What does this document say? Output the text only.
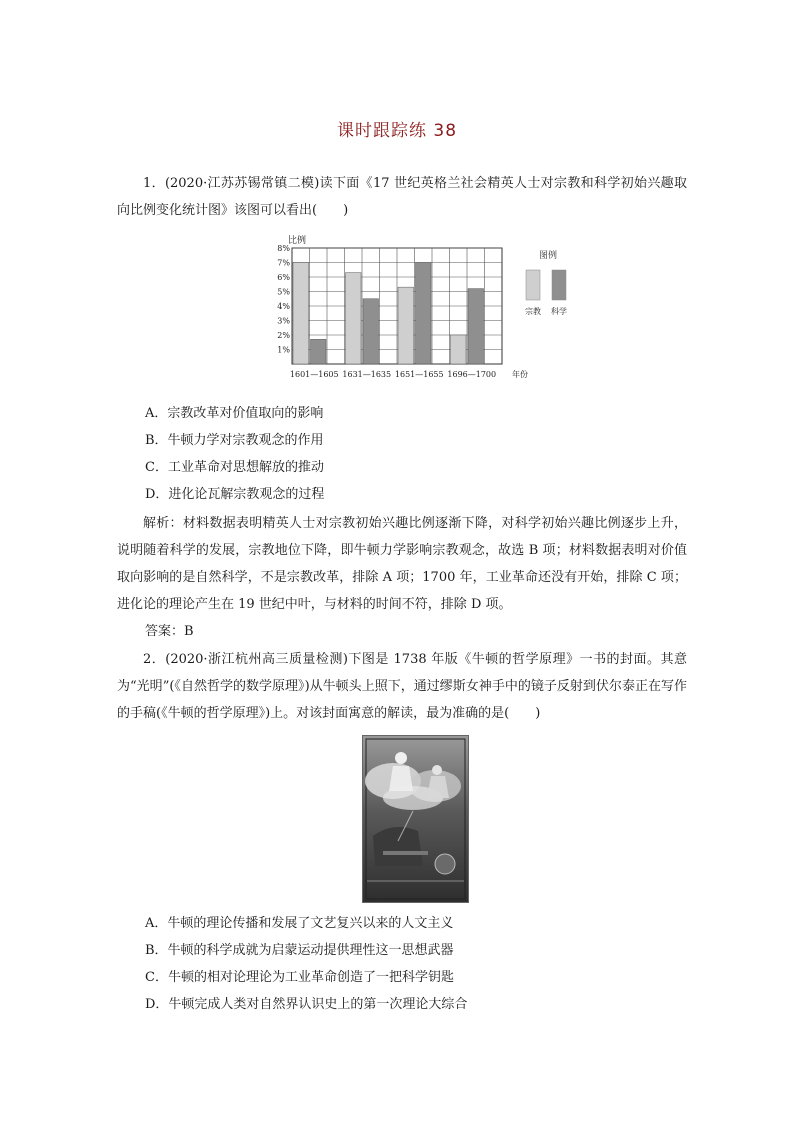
课时跟踪练 38

1．(2020·江苏苏锡常镇二模)读下面《17 世纪英格兰社会精英人士对宗教和科学初始兴趣取向比例变化统计图》该图可以看出(　　)

比例
1%
2%
3%
4%
5%
6%
7%
8%
1601—1605 1631—1635 1651—1655 1696—1700 年份
图例
宗教 科学
A．宗教改革对价值取向的影响
B．牛顿力学对宗教观念的作用
C．工业革命对思想解放的推动
D．进化论瓦解宗教观念的过程

解析：材料数据表明精英人士对宗教初始兴趣比例逐渐下降，对科学初始兴趣比例逐步上升，说明随着科学的发展，宗教地位下降，即牛顿力学影响宗教观念，故选 B 项；材料数据表明对价值取向影响的是自然科学，不是宗教改革，排除 A 项；1700 年，工业革命还没有开始，排除 C 项；进化论的理论产生在 19 世纪中叶，与材料的时间不符，排除 D 项。

答案：B

2．(2020·浙江杭州高三质量检测)下图是 1738 年版《牛顿的哲学原理》一书的封面。其意为“光明”(《自然哲学的数学原理》)从牛顿头上照下，通过缪斯女神手中的镜子反射到伏尔泰正在写作的手稿(《牛顿的哲学原理》)上。对该封面寓意的解读，最为准确的是(　　)

A．牛顿的理论传播和发展了文艺复兴以来的人文主义
B．牛顿的科学成就为启蒙运动提供理性这一思想武器
C．牛顿的相对论理论为工业革命创造了一把科学钥匙
D．牛顿完成人类对自然界认识史上的第一次理论大综合
